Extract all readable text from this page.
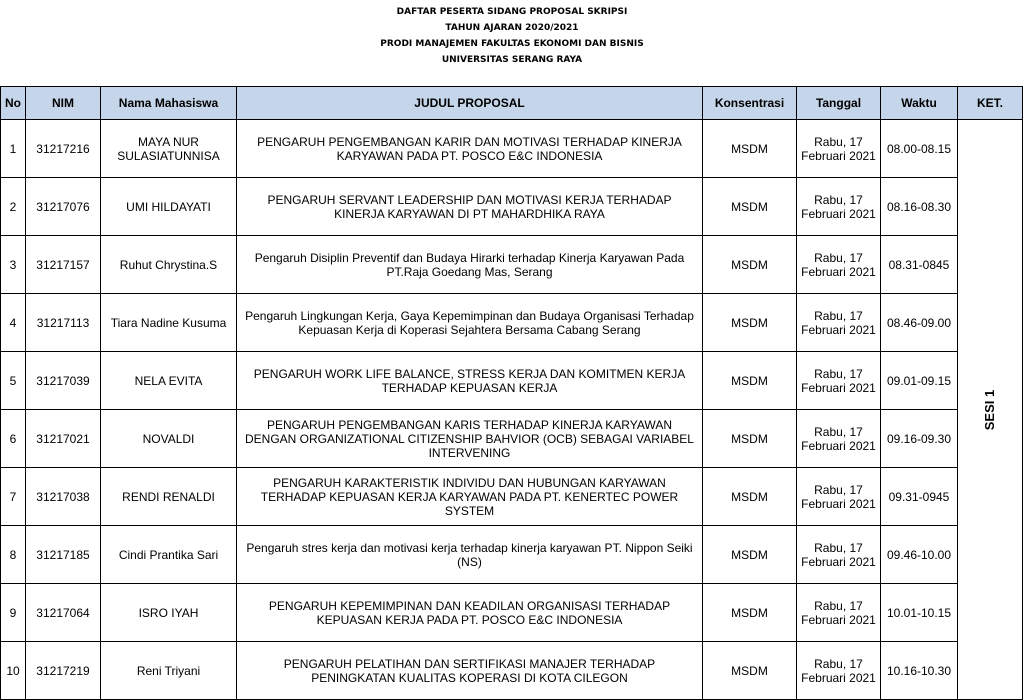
DAFTAR PESERTA SIDANG PROPOSAL SKRIPSI
TAHUN AJARAN 2020/2021
PRODI MANAJEMEN FAKULTAS EKONOMI DAN BISNIS
UNIVERSITAS SERANG RAYA
No	NIM	Nama Mahasiswa	JUDUL PROPOSAL	Konsentrasi	Tanggal	Waktu	KET.
1	31217216	MAYA NUR SULASIATUNNISA	PENGARUH PENGEMBANGAN KARIR DAN MOTIVASI TERHADAP KINERJA KARYAWAN PADA PT. POSCO E&C INDONESIA	MSDM	Rabu, 17 Februari 2021	08.00-08.15	SESI 1
2	31217076	UMI HILDAYATI	PENGARUH SERVANT LEADERSHIP DAN MOTIVASI KERJA TERHADAP KINERJA KARYAWAN DI PT MAHARDHIKA RAYA	MSDM	Rabu, 17 Februari 2021	08.16-08.30	
3	31217157	Ruhut Chrystina.S	Pengaruh Disiplin Preventif dan Budaya Hirarki terhadap Kinerja Karyawan Pada PT.Raja Goedang Mas, Serang	MSDM	Rabu, 17 Februari 2021	08.31-0845	
4	31217113	Tiara Nadine Kusuma	Pengaruh Lingkungan Kerja, Gaya Kepemimpinan dan Budaya Organisasi Terhadap Kepuasan Kerja di Koperasi Sejahtera Bersama Cabang Serang	MSDM	Rabu, 17 Februari 2021	08.46-09.00	
5	31217039	NELA EVITA	PENGARUH WORK LIFE BALANCE, STRESS KERJA DAN KOMITMEN KERJA TERHADAP KEPUASAN KERJA	MSDM	Rabu, 17 Februari 2021	09.01-09.15	
6	31217021	NOVALDI	PENGARUH PENGEMBANGAN KARIS TERHADAP KINERJA KARYAWAN DENGAN ORGANIZATIONAL CITIZENSHIP BAHVIOR (OCB) SEBAGAI VARIABEL INTERVENING	MSDM	Rabu, 17 Februari 2021	09.16-09.30	
7	31217038	RENDI RENALDI	PENGARUH KARAKTERISTIK INDIVIDU DAN HUBUNGAN KARYAWAN TERHADAP KEPUASAN KERJA KARYAWAN PADA PT. KENERTEC POWER SYSTEM	MSDM	Rabu, 17 Februari 2021	09.31-0945	
8	31217185	Cindi Prantika Sari	Pengaruh stres kerja dan motivasi kerja terhadap kinerja karyawan PT. Nippon Seiki (NS)	MSDM	Rabu, 17 Februari 2021	09.46-10.00	
9	31217064	ISRO IYAH	PENGARUH KEPEMIMPINAN DAN KEADILAN ORGANISASI TERHADAP KEPUASAN KERJA PADA PT. POSCO E&C INDONESIA	MSDM	Rabu, 17 Februari 2021	10.01-10.15	
10	31217219	Reni Triyani	PENGARUH PELATIHAN DAN SERTIFIKASI MANAJER TERHADAP PENINGKATAN KUALITAS KOPERASI DI KOTA CILEGON	MSDM	Rabu, 17 Februari 2021	10.16-10.30	
